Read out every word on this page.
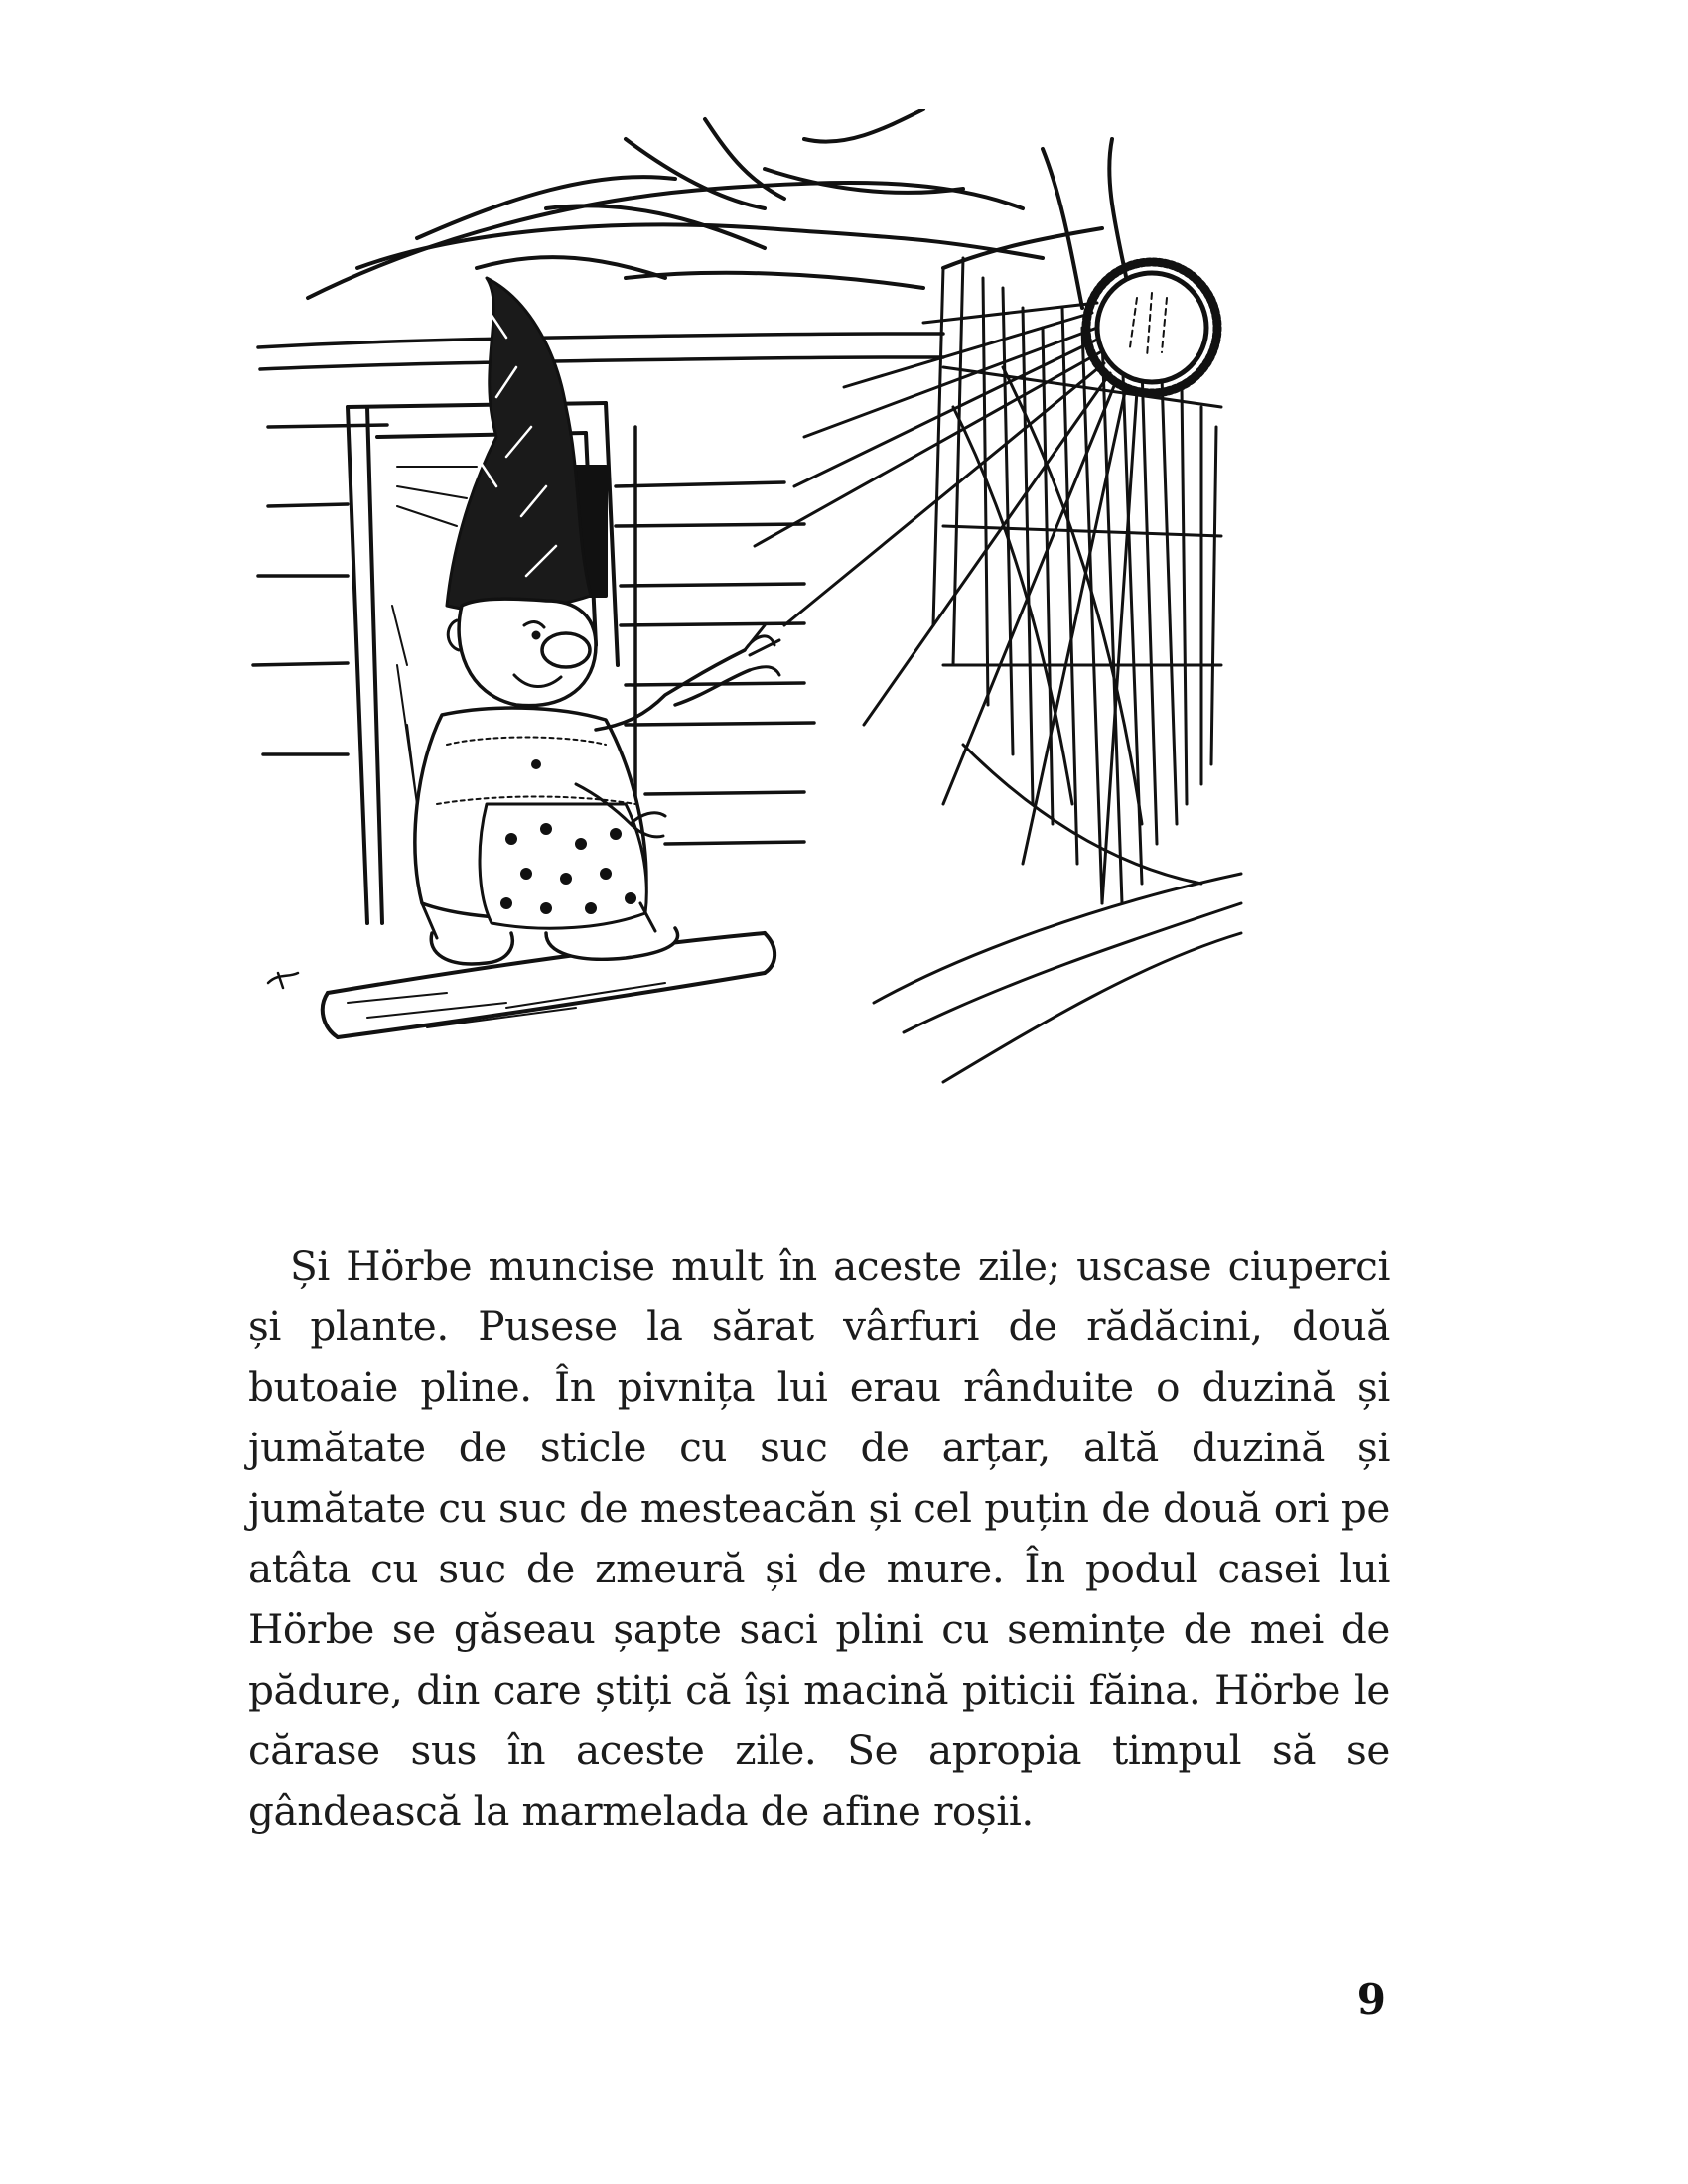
Și Hörbe muncise mult în aceste zile; uscase ciuperci și plante. Pusese la sărat vârfuri de rădăcini, două butoaie pline. În pivnița lui erau rânduite o duzină și jumătate de sticle cu suc de arțar, altă duzină și jumătate cu suc de mesteacăn și cel puțin de două ori pe atâta cu suc de zmeură și de mure. În podul casei lui Hörbe se găseau șapte saci plini cu semințe de mei de pădure, din care știți că își macină piticii făina. Hörbe le cărase sus în aceste zile. Se apropia timpul să se gândească la marmelada de afine roșii.

9
